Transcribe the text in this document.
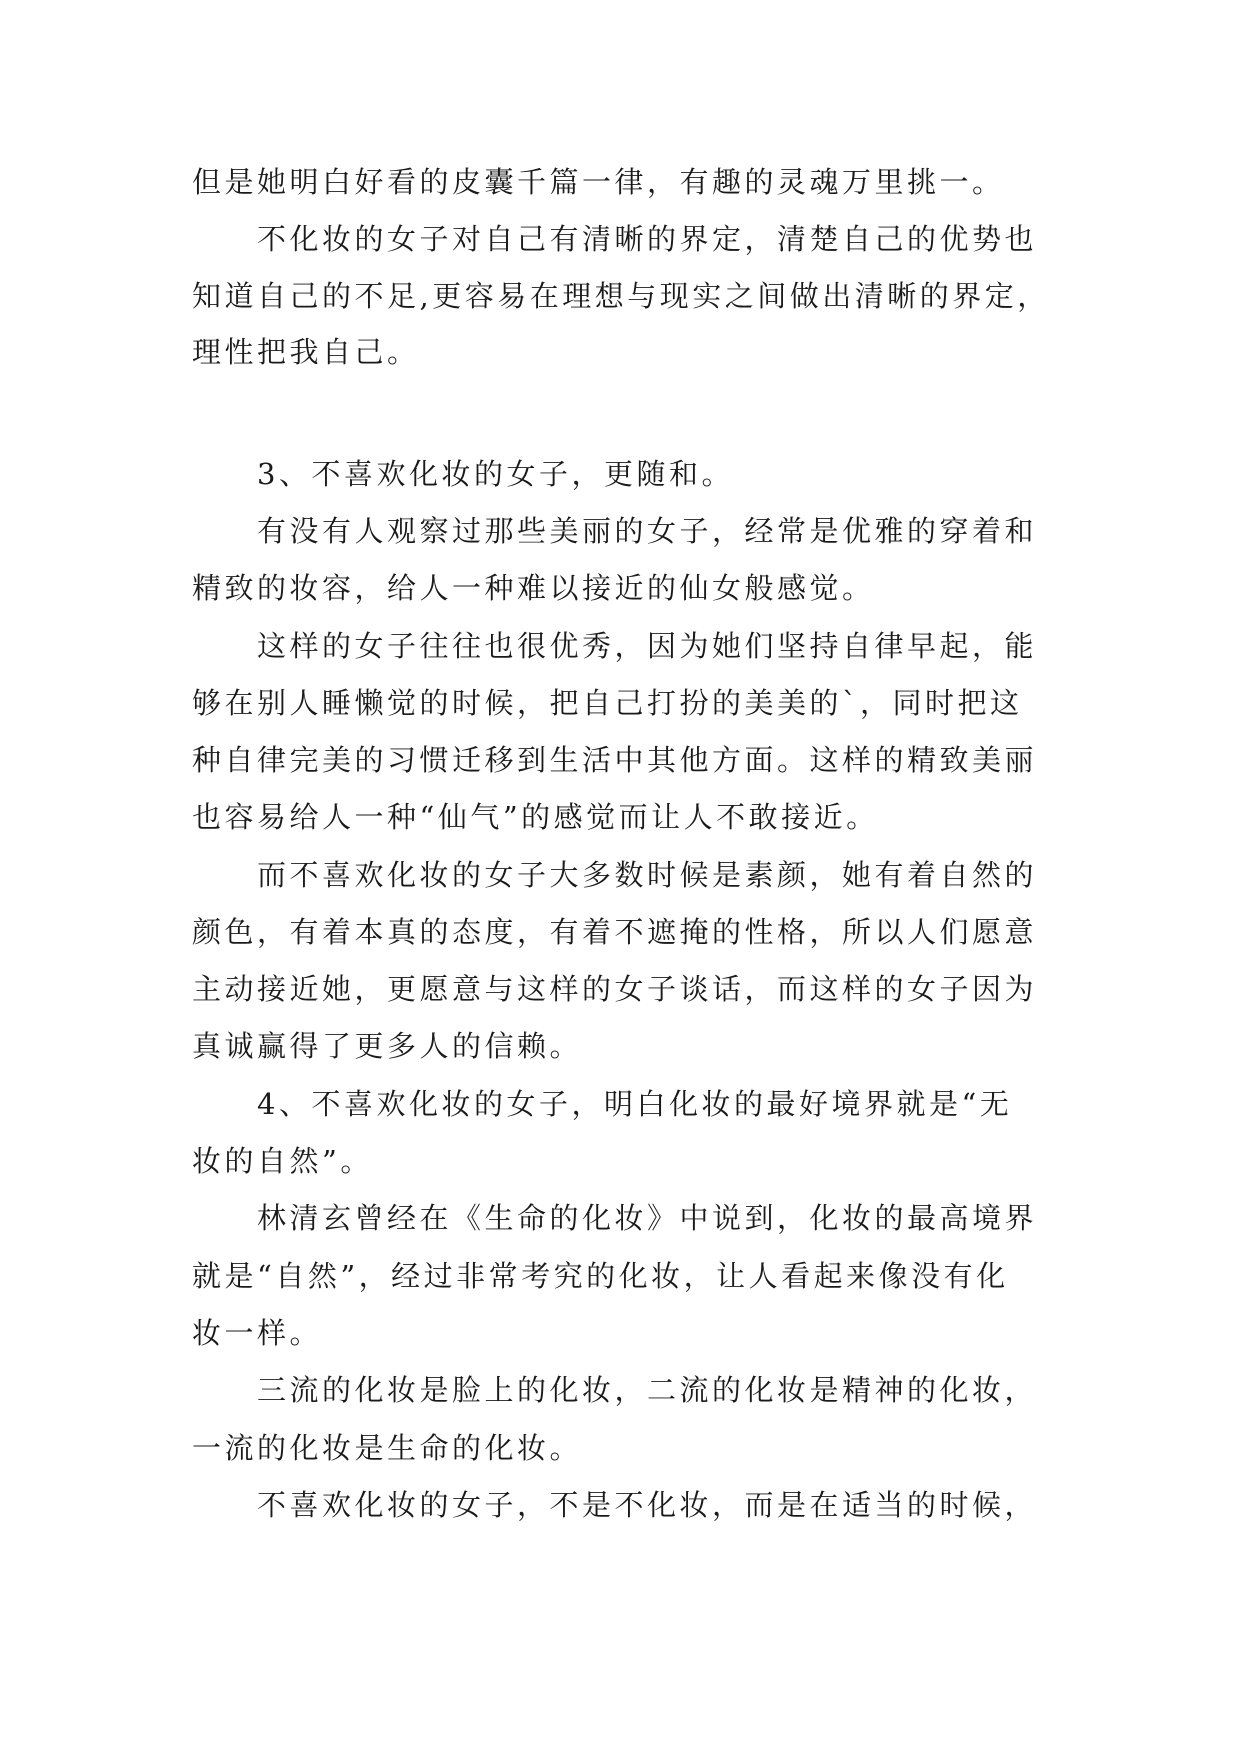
但是她明白好看的皮囊千篇一律，有趣的灵魂万里挑一。

不化妆的女子对自己有清晰的界定，清楚自己的优势也

知道自己的不足,更容易在理想与现实之间做出清晰的界定，

理性把我自己。

3、不喜欢化妆的女子，更随和。

有没有人观察过那些美丽的女子，经常是优雅的穿着和

精致的妆容，给人一种难以接近的仙女般感觉。

这样的女子往往也很优秀，因为她们坚持自律早起，能

够在别人睡懒觉的时候，把自己打扮的美美的`，同时把这

种自律完美的习惯迁移到生活中其他方面。这样的精致美丽

也容易给人一种“仙气”的感觉而让人不敢接近。

而不喜欢化妆的女子大多数时候是素颜，她有着自然的

颜色，有着本真的态度，有着不遮掩的性格，所以人们愿意

主动接近她，更愿意与这样的女子谈话，而这样的女子因为

真诚赢得了更多人的信赖。

4、不喜欢化妆的女子，明白化妆的最好境界就是“无

妆的自然”。

林清玄曾经在《生命的化妆》中说到，化妆的最高境界

就是“自然”，经过非常考究的化妆，让人看起来像没有化

妆一样。

三流的化妆是脸上的化妆，二流的化妆是精神的化妆，

一流的化妆是生命的化妆。

不喜欢化妆的女子，不是不化妆，而是在适当的时候，
